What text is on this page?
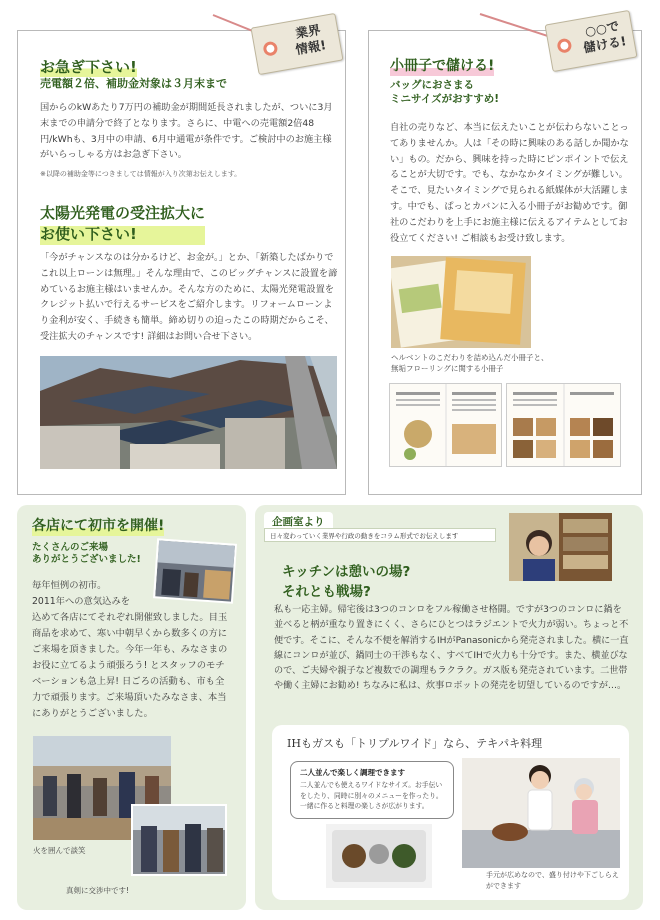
業界
情報!
お急ぎ下さい!
売電額２倍、補助金対象は３月末まで
国からのkWあたり7万円の補助金が期間延長されましたが、ついに3月末までの申請分で終了となります。さらに、中電への売電額2倍48円/kWhも、3月中の申請、6月中通電が条件です。ご検討中のお施主様がいらっしゃる方はお急ぎ下さい。
※以降の補助金等につきましては情報が入り次第お伝えします。
太陽光発電の受注拡大に
お使い下さい!
「今がチャンスなのは分かるけど、お金が。」とか、「新築したばかりでこれ以上ローンは無理。」そんな理由で、このビッグチャンスに設置を諦めているお施主様はいませんか。そんな方のために、太陽光発電設置をクレジット払いで行えるサービスをご紹介します。リフォームローンより金利が安く、手続きも簡単。締め切りの迫ったこの時期だからこそ、受注拡大のチャンスです! 詳細はお問い合せ下さい。
○○で
儲ける!
小冊子で儲ける!
バッグにおさまる
ミニサイズがおすすめ!
自社の売りなど、本当に伝えたいことが伝わらないことってありませんか。人は「その時に興味のある話しか聞かない」もの。だから、興味を持った時にピンポイントで伝えることが大切です。でも、なかなかタイミングが難しい。そこで、見たいタイミングで見られる紙媒体が大活躍します。中でも、ぱっとカバンに入る小冊子がお勧めです。御社のこだわりを上手にお施主様に伝えるアイテムとしてお役立てください! ご相談もお受け致します。
ヘルベントのこだわりを詰め込んだ小冊子と、
無垢フローリングに関する小冊子
各店にて初市を開催!
たくさんのご来場
ありがとうございました!
毎年恒例の初市。
2011年への意気込みを
込めて各店にてそれぞれ開催致しました。目玉商品を求めて、寒い中朝早くから数多くの方にご来場を頂きました。今年一年も、みなさまのお役に立てるよう頑張ろう! とスタッフのモチベーションも急上昇! 日ごろの活動も、市も全力で頑張ります。ご来場頂いたみなさま、本当にありがとうございました。
火を囲んで談笑
真剣に交渉中です!
企画室より
日々変わっていく業界や行政の動きをコラム形式でお伝えします
キッチンは憩いの場?
それとも戦場?
私も一応主婦。帰宅後は3つのコンロをフル稼働させ格闘。ですが3つのコンロに鍋を並べると柄が重なり置きにくく、さらにひとつはラジエントで火力が弱い。ちょっと不便です。そこに、そんな不便を解消するIHがPanasonicから発売されました。横に一直線にコンロが並び、鍋同士の干渉もなく、すべてIHで火力も十分です。また、横並びなので、ご夫婦や親子など複数での調理もラクラク。ガス版も発売されています。二世帯や働く主婦にお勧め! ちなみに私は、炊事ロボットの発売を切望しているのですが…。
IHもガスも「トリプルワイド」なら、テキパキ料理
二人並んで楽しく調理できます
二人並んでも使えるワイドなサイズ。お手伝いをしたり、同時に別々のメニューを作ったり。一緒に作ると料理の楽しさが広がります。
手元が広めなので、盛り付けや下ごしらえができます
